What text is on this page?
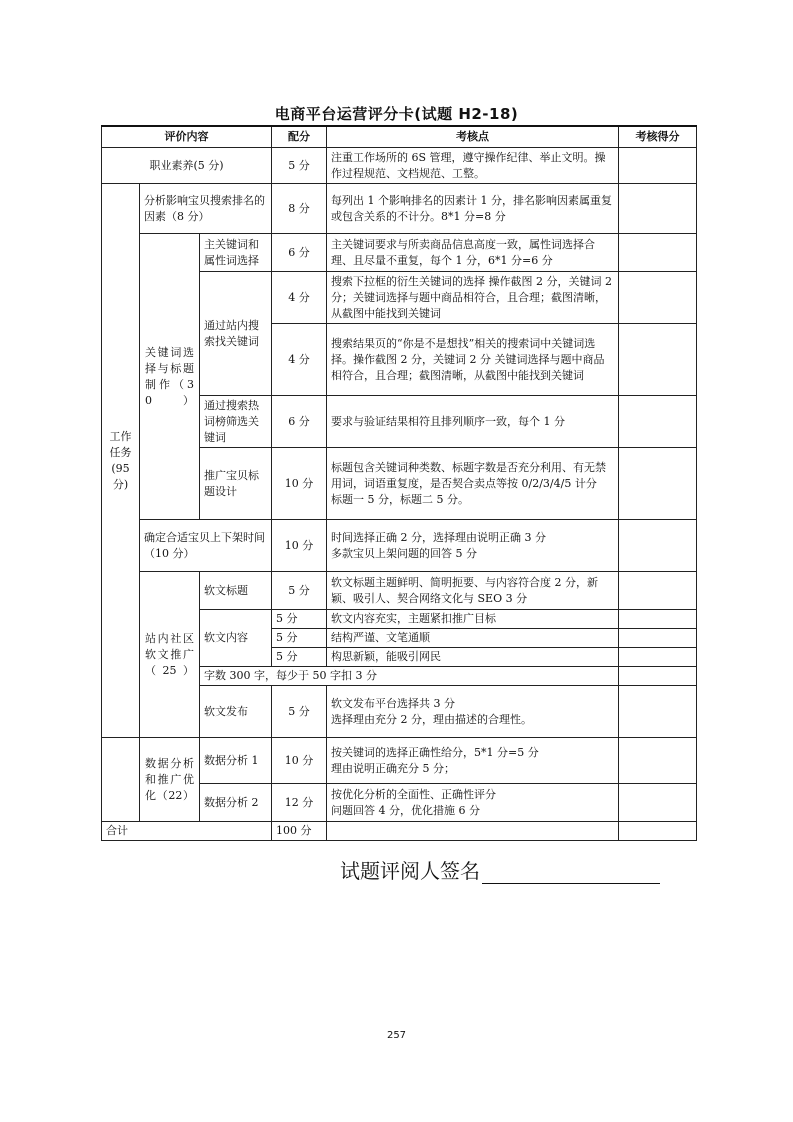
电商平台运营评分卡(试题 H2-18)
评价内容			配分	考核点	考核得分
职业素养(5 分)			5 分	注重工作场所的 6S 管理，遵守操作纪律、举止文明。操作过程规范、文档规范、工整。	
工作任务(95分)	分析影响宝贝搜索排名的因素（8 分）		8 分	每列出 1 个影响排名的因素计 1 分，排名影响因素属重复或包含关系的不计分。8*1 分=8 分	
	关键词选择与标题制作（30）	主关键词和属性词选择	6 分	主关键词要求与所卖商品信息高度一致，属性词选择合理、且尽量不重复，每个 1 分，6*1 分=6 分	
		通过站内搜索找关键词	4 分	搜索下拉框的衍生关键词的选择 操作截图 2 分，关键词 2 分；关键词选择与题中商品相符合，且合理；截图清晰，从截图中能找到关键词	
			4 分	搜索结果页的“你是不是想找”相关的搜索词中关键词选择。操作截图 2 分，关键词 2 分 关键词选择与题中商品相符合，且合理；截图清晰，从截图中能找到关键词	
		通过搜索热词榜筛选关键词	6 分	要求与验证结果相符且排列顺序一致，每个 1 分	
		推广宝贝标题设计	10 分	标题包含关键词种类数、标题字数是否充分利用、有无禁用词，词语重复度，是否契合卖点等按 0/2/3/4/5 计分
标题一 5 分，标题二 5 分。	

	确定合适宝贝上下架时间（10 分）		10 分	时间选择正确 2 分，选择理由说明正确 3 分
多款宝贝上架问题的回答 5 分	

	站内社区软文推广（25）	软文标题	5 分	软文标题主题鲜明、简明扼要、与内容符合度 2 分，新颖、吸引人、契合网络文化与 SEO 3 分	
		软文内容	5 分	软文内容充实，主题紧扣推广目标	
			5 分	结构严谨、文笔通顺	
			5 分	构思新颖，能吸引网民	
		字数 300 字，每少于 50 字扣 3 分			
		软文发布	5 分	软文发布平台选择共 3 分
选择理由充分 2 分，理由描述的合理性。	

	数据分析和推广优化（22）	数据分析 1	10 分	按关键词的选择正确性给分，5*1 分=5 分
理由说明正确充分 5 分；	

		数据分析 2	12 分	按优化分析的全面性、正确性评分
问题回答 4 分，优化措施 6 分	

合计			100 分		
试题评阅人签名
257
